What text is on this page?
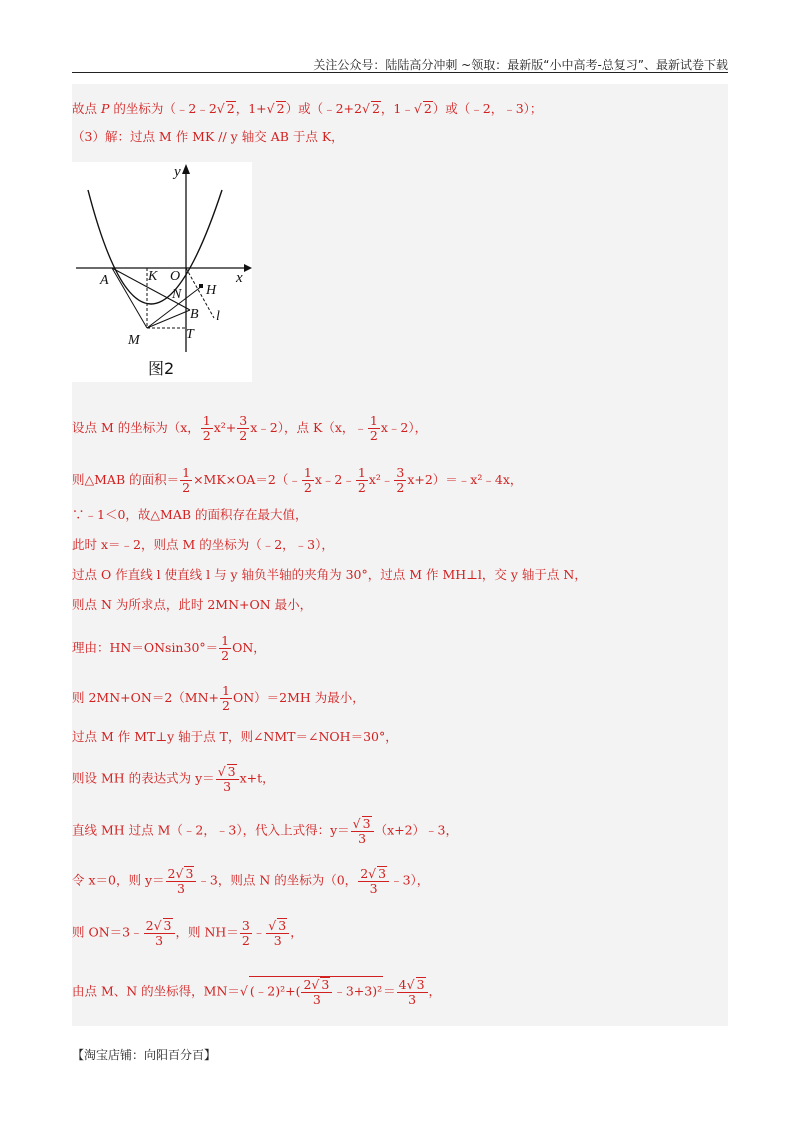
关注公众号：陆陆高分冲刺 ~领取：最新版“小中高考-总复习”、最新试卷下载
故点 P 的坐标为（﹣2﹣2√ 2，1+√ 2）或（﹣2+2√ 2，1﹣√ 2）或（﹣2，﹣3）；
（3）解：过点 M 作 MK // y 轴交 AB 于点 K，
y
x
A	K O
N H
B l
M	T
图2
设点 M 的坐标为（x， $\frac{1}{2} x^2+ \frac{3}{2}$ x﹣2），点 K（x，﹣ $\frac{1}{2}$ x﹣2），
则△MAB 的面积＝ $\frac{1}{2}$ ×MK×OA＝2（﹣ $\frac{1}{2}$ x﹣2﹣ $\frac{1}{2}$ x²﹣ $\frac{3}{2}$ x+2）＝﹣x²﹣4x，
∵﹣1＜0，故△MAB 的面积存在最大值，
此时 x＝﹣2，则点 M 的坐标为（﹣2，﹣3），
过点 O 作直线 l 使直线 l 与 y 轴负半轴的夹角为 30°，过点 M 作 MH⊥l，交 y 轴于点 N，
则点 N 为所求点，此时 2MN+ON 最小，
理由：$HN=ONsin30^\circ= \frac{1}{2}$ ON，
则 $2MN+ON=2(MN+ \frac{1}{2} ON)=2MH$ 为最小，
过点 M 作 MT⊥y 轴于点 T，则∠NMT＝∠NOH＝30°，
则设 MH 的表达式为 $y= \frac{√ 3}{3} x+t$，
直线 MH 过点 M（﹣2，﹣3），代入上式得：$y= \frac{√ 3}{3}$ （x+2）﹣3，
令 x＝0，则 $y= \frac{2√ 3}{3}$ ﹣3，则点 N 的坐标为（0， $\frac{2√ 3}{3}$ ﹣3），
则 ON＝3﹣ $\frac{2√ 3}{3}$ ，则 $NH= \frac{3}{2}$ ﹣ $\frac{√ 3}{3}$ ，
由点 M、N 的坐标得，MN＝√ (﹣2)²+( $\frac{2√ 3}{3}$ ﹣3+3)²＝ $\frac{4√ 3}{3}$ ，
【淘宝店铺：向阳百分百】
